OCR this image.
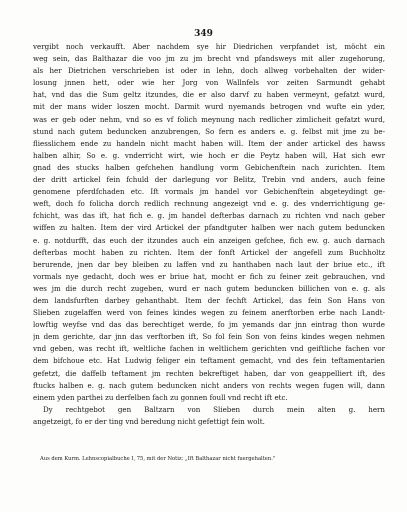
349
vergibt noch verkaufft. Aber nachdem sye hir Diedrichen verpfandet ist, möcht ein
weg sein, das Balthazar die voo jm zu jm brecht vnd pfandsweys mit aller zugehorung,
als her Dietrichen verschrieben ist oder in lehn, doch allweg vorbehalten der wider-
losung jnnen hett, oder wie her Jorg von Wallnfels vor zeiten Sarmundt gehabt
hat, vnd das die Sum geltz itzundes, die er also darvf zu haben vermeynt, gefatzt wurd,
mit der mans wider loszen mocht. Darmit wurd nyemands betrogen vnd wufte ein yder,
was er geb oder nehm, vnd so es vf folich meynung nach redlicher zimlicheit gefatzt wurd,
stund nach gutem beduncken anzubrengen, So fern es anders e. g. felbst mit jme zu be-
fliesslichem ende zu handeln nicht macht haben will. Item der ander artickel des hawss
halben alhir, So e. g. vnderricht wirt, wie hoch er die Peytz haben will, Hat sich ewr
gnad des stucks halben gefchehen handlung vorm Gebichenftein nach zurichten. Item
der dritt artickel fein fchuld der darlegung vor Belitz, Trebin vnd anders, auch feine
genomene pferdfchaden etc. Ift vormals jm handel vor Gebichenftein abgeteydingt ge-
weft, doch fo folicha dorch redlich rechnung angezeigt vnd e. g. des vnderrichtigung ge-
fchicht, was das ift, hat fich e. g. jm handel defterbas darnach zu richten vnd nach geber
wiffen zu halten. Item der vird Artickel der pfandtguter halben wer nach gutem beduncken
e. g. notdurfft, das euch der itzundes auch ein anzeigen gefchee, fich ew. g. auch darnach
defterbas mocht haben zu richten. Item der fonft Artickel der angefell zum Buchholtz
berurende, jnen dar bey bleiben zu laffen vnd zu hanthaben nach laut der briue etc., ift
vormals nye gedacht, doch wes er briue hat, mocht er fich zu feiner zeit gebrauchen, vnd
wes jm die durch recht zugeben, wurd er nach gutem beduncken billichen von e. g. als
dem landsfurften darbey gehanthabt. Item der fechft Artickel, das fein Son Hans von
Slieben zugelaffen werd von feines kindes wegen zu feinem anerftorben erbe nach Landt-
lowftig weyfse vnd das das berechtiget werde, fo jm yemands dar jnn eintrag thon wurde
jn dem gerichte, dar jnn das verftorben ift, So fol fein Son von feins kindes wegen nehmen
vnd geben, was recht ift, weltliche fachen in weltlichem gerichten vnd geiftliche fachen vor
dem bifchoue etc. Hat Ludwig feliger ein teftament gemacht, vnd des fein teftamentarien
gefetzt, die daffelb teftament jm rechten bekreftiget haben, dar von geappelliert ift, des
ftucks halben e. g. nach gutem beduncken nicht anders von rechts wegen fugen will, dann
einem yden parthei zu derfelben fach zu gonnen foull vnd recht ift etc.
Dy rechtgebot gen Baltzarn von Slieben durch mein alten g. hern
angetzeigt, fo er der ting vnd beredung nicht gefettigt fein wolt.
Aus dem Kurm. Lehnscopialbuche I, 75, mit der Notiz: „Ift Balthazar nicht fuergehalten."
